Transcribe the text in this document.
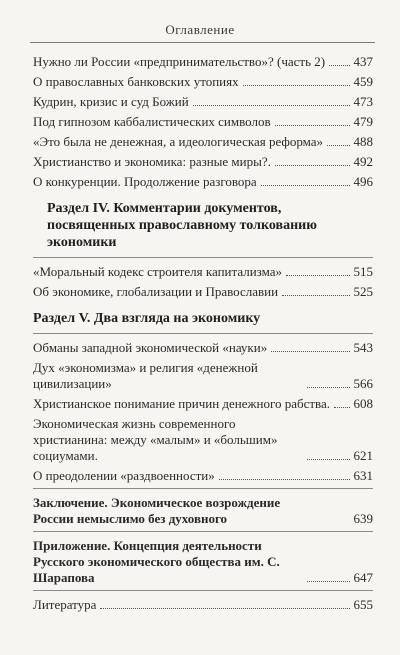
Оглавление
Нужно ли России «предпринимательство»? (часть 2) 437
О православных банковских утопиях	459
Кудрин, кризис и суд Божий	473
Под гипнозом каббалистических символов	479
«Это была не денежная, а идеологическая реформа» 488
Христианство и экономика: разные миры?.	492
О конкуренции. Продолжение разговора	496
Раздел IV. Комментарии документов, посвященных православному толкованию экономики
«Моральный кодекс строителя капитализма»	515
Об экономике, глобализации и Православии	525
Раздел V. Два взгляда на экономику
Обманы западной экономической «науки»	543
Дух «экономизма» и религия «денежной цивилизации»	566
Христианское понимание причин денежного рабства. 608
Экономическая жизнь современного христианина: между «малым» и «большим» социумами.	621
О преодолении «раздвоенности»	631
Заключение. Экономическое возрождение России немыслимо без духовного	639
Приложение. Концепция деятельности Русского экономического общества им. С. Шарапова	647
Литература	655
